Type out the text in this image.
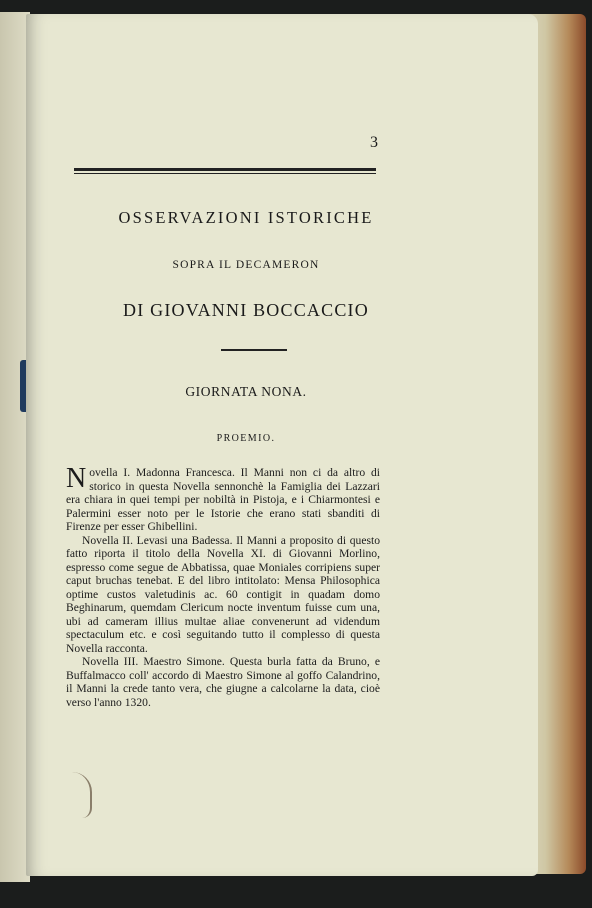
3
OSSERVAZIONI ISTORICHE
SOPRA IL DECAMERON
DI GIOVANNI BOCCACCIO
GIORNATA NONA.
PROEMIO.

Novella I. Madonna Francesca. Il Manni non ci da altro di storico in questa Novella sennonchè la Famiglia dei Lazzari era chiara in quei tempi per nobiltà in Pistoja, e i Chiarmontesi e Palermini esser noto per le Istorie che erano stati sbanditi di Firenze per esser Ghibellini.

Novella II. Levasi una Badessa. Il Manni a proposito di questo fatto riporta il titolo della Novella XI. di Giovanni Morlino, espresso come segue de Abbatissa, quae Moniales corripiens super caput bruchas tenebat. E del libro intitolato: Mensa Philosophica optime custos valetudinis ac. 60 contigit in quadam domo Beghinarum, quemdam Clericum nocte inventum fuisse cum una, ubi ad cameram illius multae aliae convenerunt ad videndum spectaculum etc. e così seguitando tutto il complesso di questa Novella racconta.

Novella III. Maestro Simone. Questa burla fatta da Bruno, e Buffalmacco coll' accordo di Maestro Simone al goffo Calandrino, il Manni la crede tanto vera, che giugne a calcolarne la data, cioè verso l'anno 1320.
